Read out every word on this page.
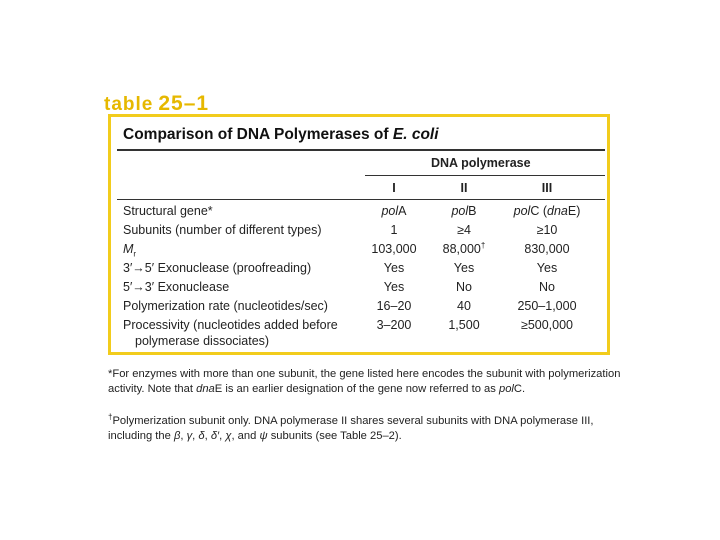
table 25–1
Comparison of DNA Polymerases of E. coli
DNA polymerase
I	II	III
Structural gene*	polA	polB	polC (dnaE)
Subunits (number of different types)	1	≥4	≥10
$M_r$	103,000	88,000†	830,000
3′→5′ Exonuclease (proofreading)	Yes	Yes	Yes
5′→3′ Exonuclease	Yes	No	No
Polymerization rate (nucleotides/sec)	16–20	40	250–1,000
Processivity (nucleotides added before
polymerase dissociates)
3–200	1,500	≥500,000

*For enzymes with more than one subunit, the gene listed here encodes the subunit with polymerization activity. Note that dnaE is an earlier designation of the gene now referred to as polC.

†Polymerization subunit only. DNA polymerase II shares several subunits with DNA polymerase III, including the β, γ, δ, δ′, χ, and ψ subunits (see Table 25–2).
